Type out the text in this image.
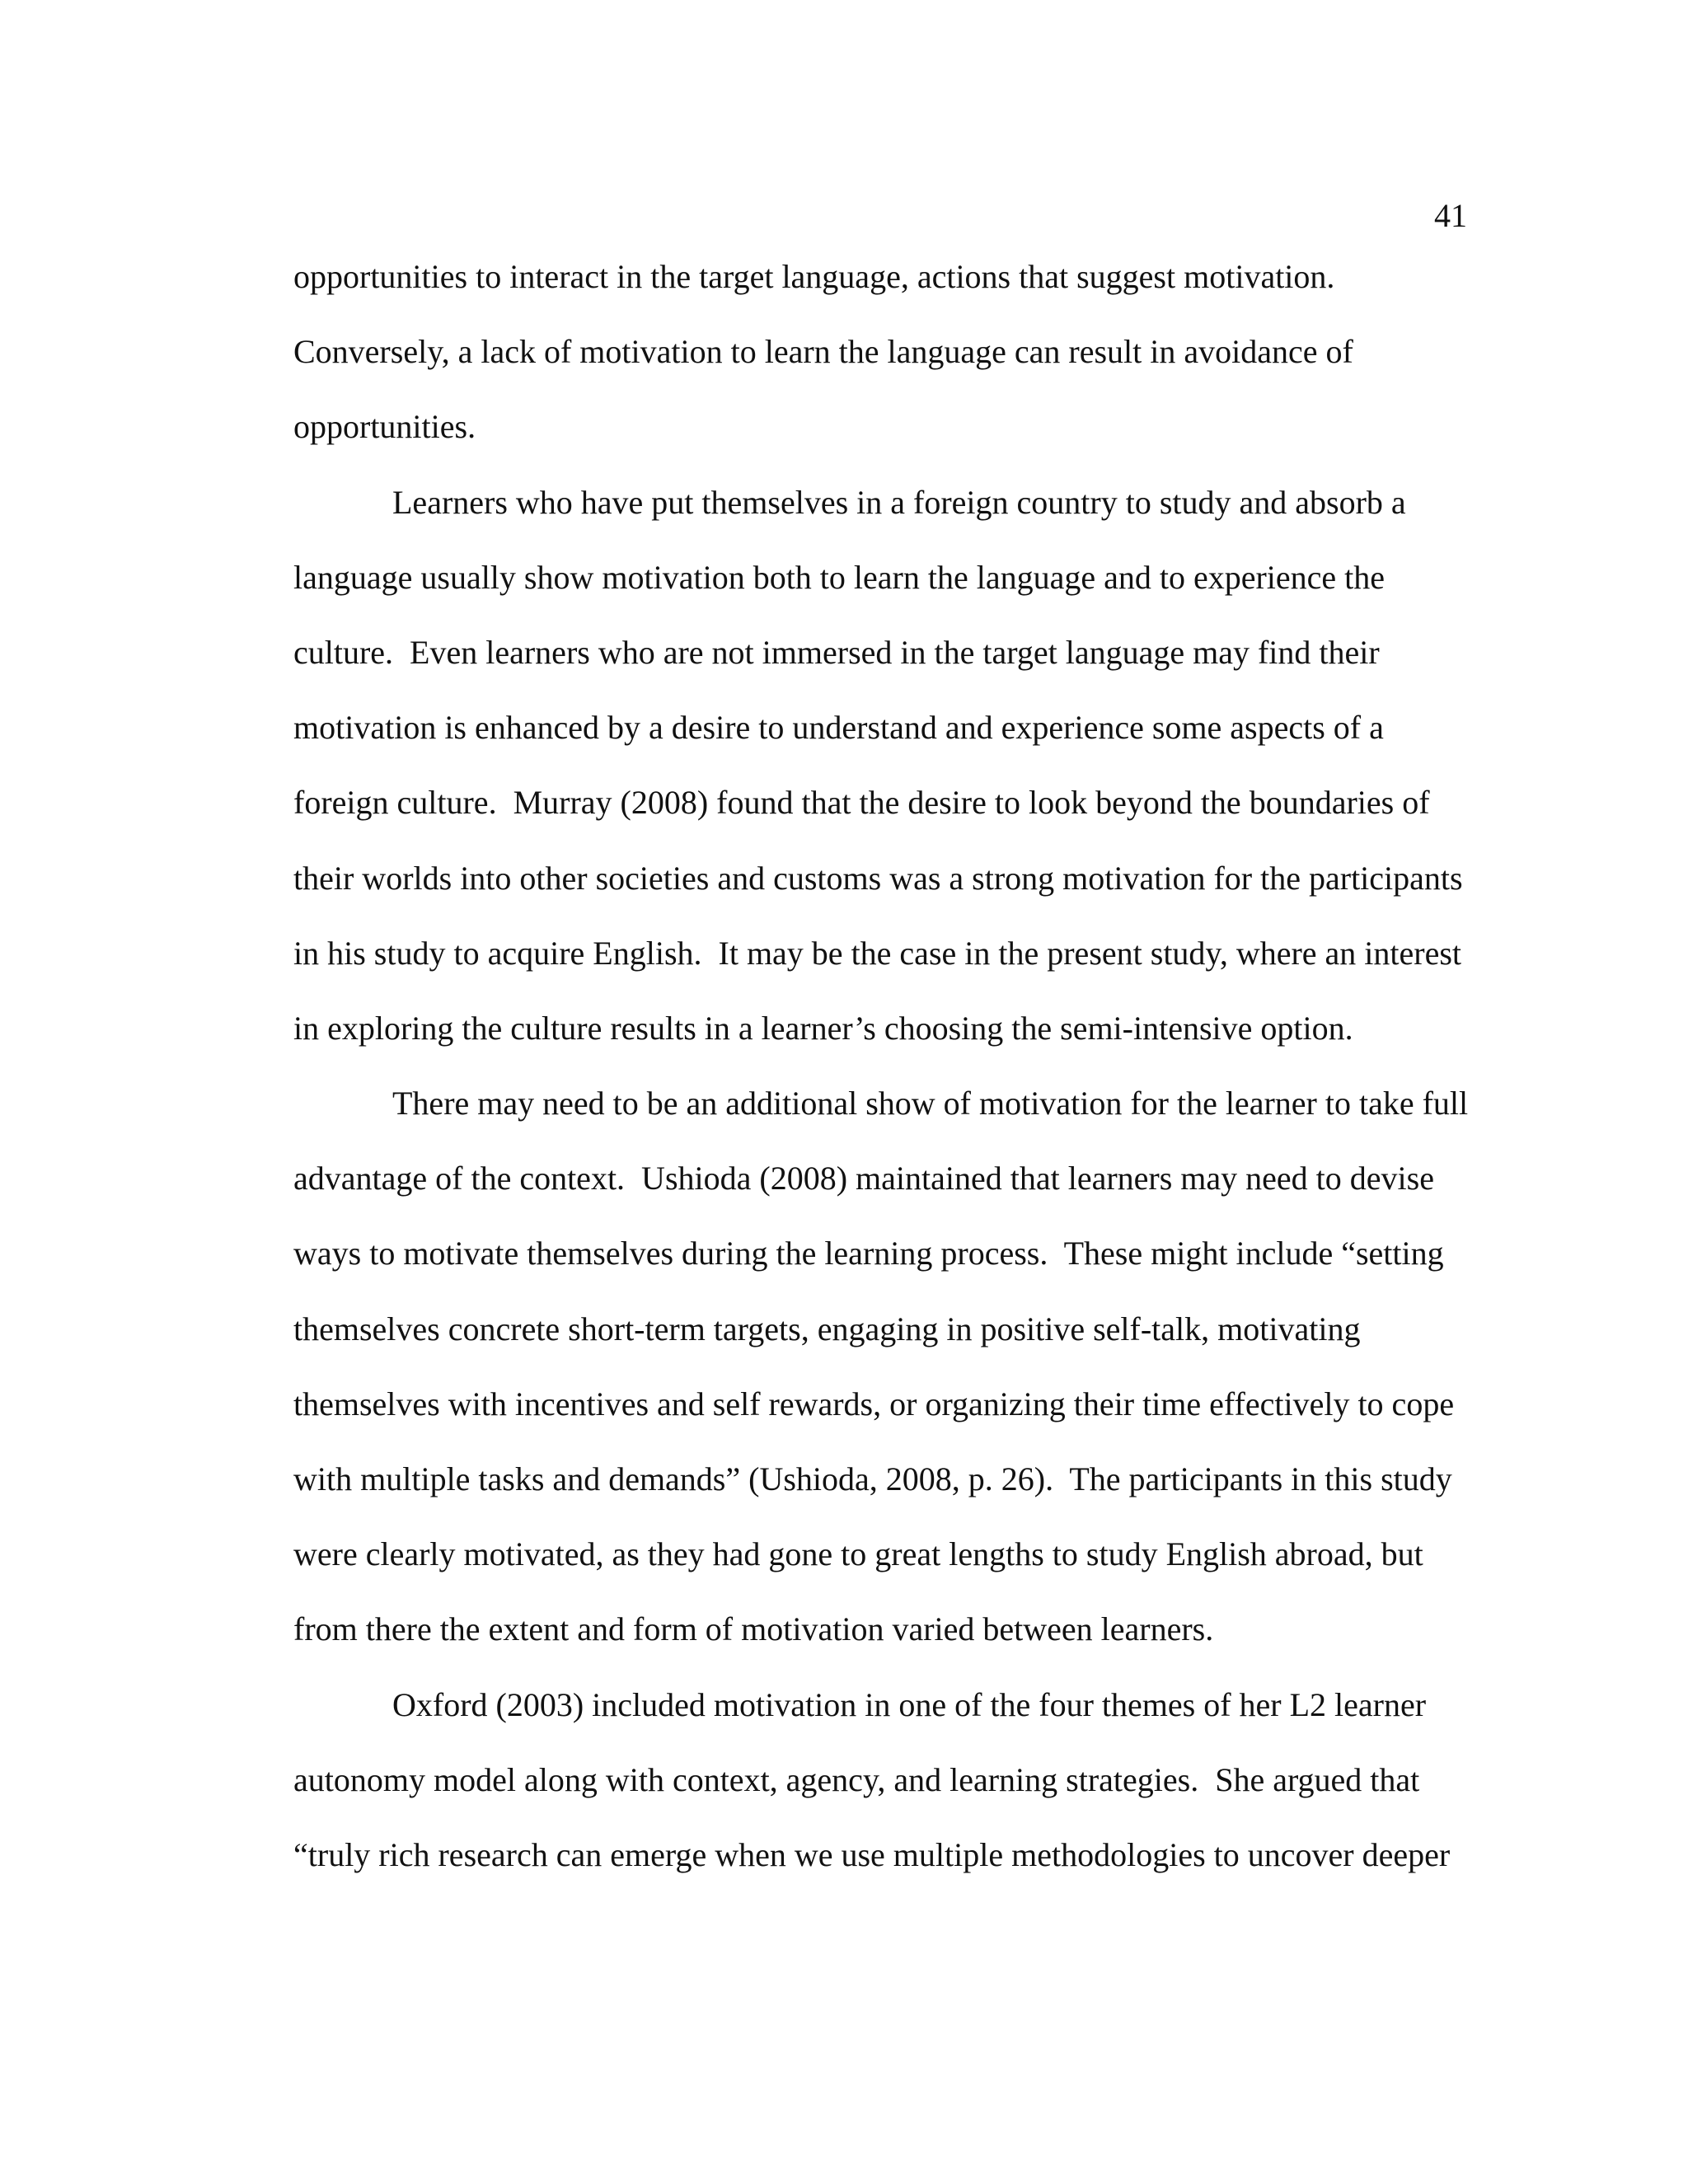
41
opportunities to interact in the target language, actions that suggest motivation.
Conversely, a lack of motivation to learn the language can result in avoidance of
opportunities.
Learners who have put themselves in a foreign country to study and absorb a
language usually show motivation both to learn the language and to experience the
culture.  Even learners who are not immersed in the target language may find their
motivation is enhanced by a desire to understand and experience some aspects of a
foreign culture.  Murray (2008) found that the desire to look beyond the boundaries of
their worlds into other societies and customs was a strong motivation for the participants
in his study to acquire English.  It may be the case in the present study, where an interest
in exploring the culture results in a learner’s choosing the semi-intensive option.
There may need to be an additional show of motivation for the learner to take full
advantage of the context.  Ushioda (2008) maintained that learners may need to devise
ways to motivate themselves during the learning process.  These might include “setting
themselves concrete short-term targets, engaging in positive self-talk, motivating
themselves with incentives and self rewards, or organizing their time effectively to cope
with multiple tasks and demands” (Ushioda, 2008, p. 26).  The participants in this study
were clearly motivated, as they had gone to great lengths to study English abroad, but
from there the extent and form of motivation varied between learners.
Oxford (2003) included motivation in one of the four themes of her L2 learner
autonomy model along with context, agency, and learning strategies.  She argued that
“truly rich research can emerge when we use multiple methodologies to uncover deeper
